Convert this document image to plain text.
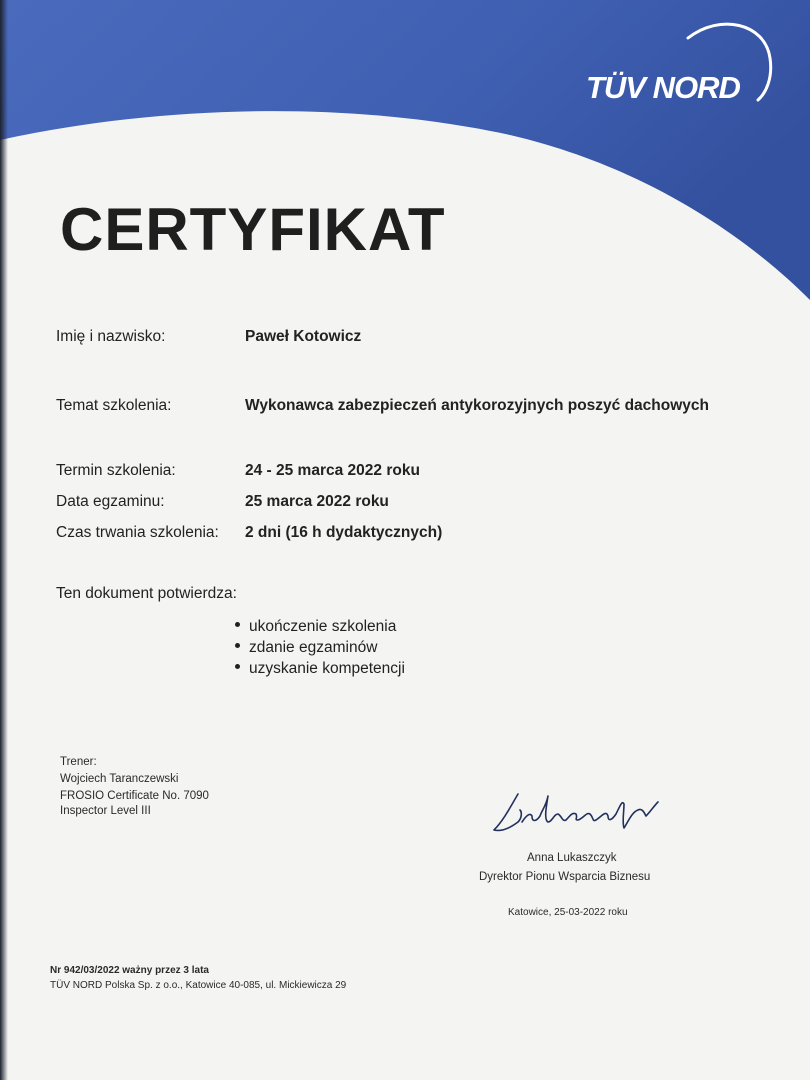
TÜV NORD
CERTYFIKAT
Imię i nazwisko:	Paweł Kotowicz
Temat szkolenia:	Wykonawca zabezpieczeń antykorozyjnych poszyć dachowych
Termin szkolenia:	24 - 25 marca 2022 roku
Data egzaminu:	25 marca 2022 roku
Czas trwania szkolenia: 2 dni (16 h dydaktycznych)
Ten dokument potwierdza:
ukończenie szkolenia
zdanie egzaminów
uzyskanie kompetencji
Trener:
Wojciech Taranczewski
FROSIO Certificate No. 7090
Inspector Level III
Anna Lukaszczyk
Dyrektor Pionu Wsparcia Biznesu
Katowice, 25-03-2022 roku
Nr 942/03/2022 ważny przez 3 lata
TÜV NORD Polska Sp. z o.o., Katowice 40-085, ul. Mickiewicza 29
